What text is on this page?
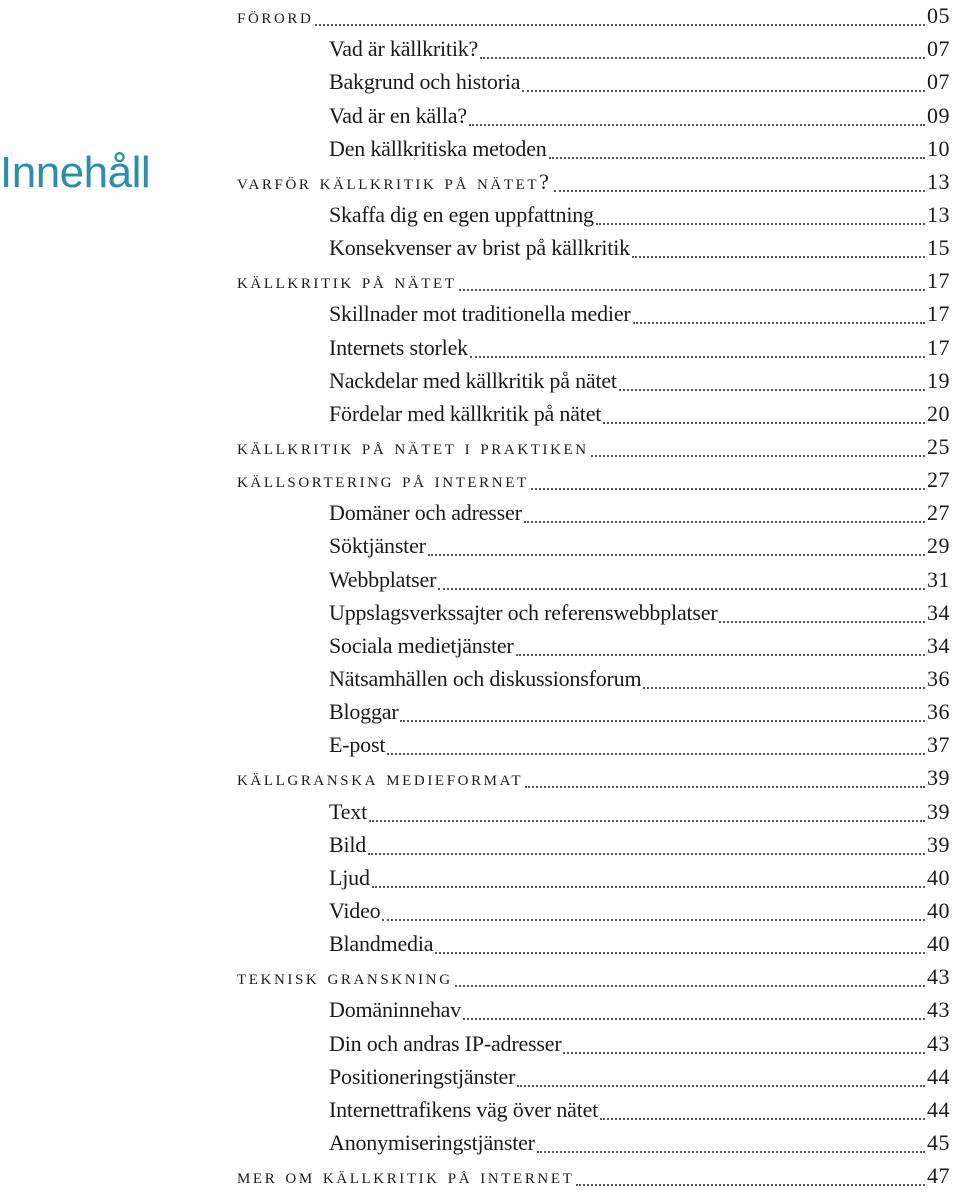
Innehåll
förord	05
Vad är källkritik?	07
Bakgrund och historia	07
Vad är en källa?	09
Den källkritiska metoden	10
varför källkritik på nätet?	13
Skaffa dig en egen uppfattning	13
Konsekvenser av brist på källkritik	15
källkritik på nätet	17
Skillnader mot traditionella medier	17
Internets storlek	17
Nackdelar med källkritik på nätet	19
Fördelar med källkritik på nätet	20
källkritik på nätet i praktiken	25
källsortering på internet	27
Domäner och adresser	27
Söktjänster	29
Webbplatser	31
Uppslagsverkssajter och referenswebbplatser	34
Sociala medietjänster	34
Nätsamhällen och diskussionsforum	36
Bloggar	36
E-post	37
källgranska medieformat	39
Text	39
Bild	39
Ljud	40
Video	40
Blandmedia	40
teknisk granskning	43
Domäninnehav	43
Din och andras IP-adresser	43
Positioneringstjänster	44
Internettrafikens väg över nätet	44
Anonymiseringstjänster	45
mer om källkritik på internet	47
